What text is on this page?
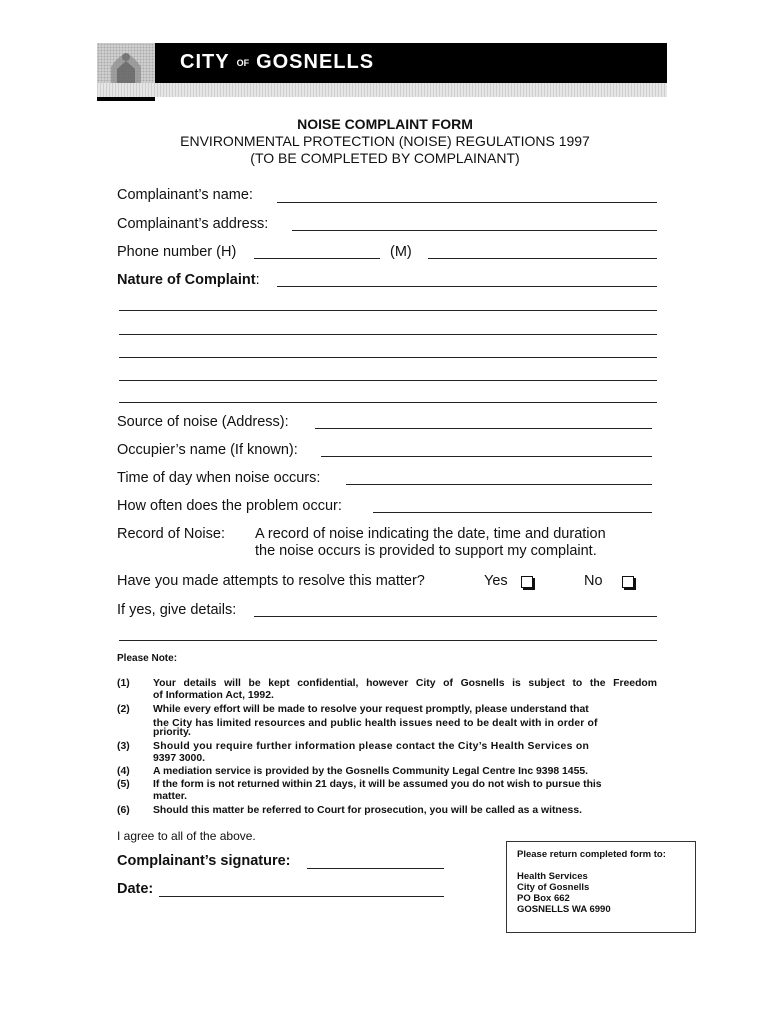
CITY OF GOSNELLS
NOISE COMPLAINT FORM
ENVIRONMENTAL PROTECTION (NOISE) REGULATIONS 1997
(TO BE COMPLETED BY COMPLAINANT)
Complainant’s name:
Complainant’s address:
Phone number (H)	(M)
Nature of Complaint:
Source of noise (Address):
Occupier’s name (If known):
Time of day when noise occurs:
How often does the problem occur:
Record of Noise: A record of noise indicating the date, time and duration
the noise occurs is provided to support my complaint.
Have you made attempts to resolve this matter?	Yes	No
If yes, give details:
Please Note:
(1) Your details will be kept confidential, however City of Gosnells is subject to the Freedom
of Information Act, 1992.
(2) While every effort will be made to resolve your request promptly, please understand that
the City has limited resources and public health issues need to be dealt with in order of
priority.
(3) Should you require further information please contact the City’s Health Services on
9397 3000.
(4) A mediation service is provided by the Gosnells Community Legal Centre Inc 9398 1455.
(5) If the form is not returned within 21 days, it will be assumed you do not wish to pursue this
matter.
(6) Should this matter be referred to Court for prosecution, you will be called as a witness.
I agree to all of the above.
Complainant’s signature:
Date:
Please return completed form to:
Health Services
City of Gosnells
PO Box 662
GOSNELLS WA 6990
